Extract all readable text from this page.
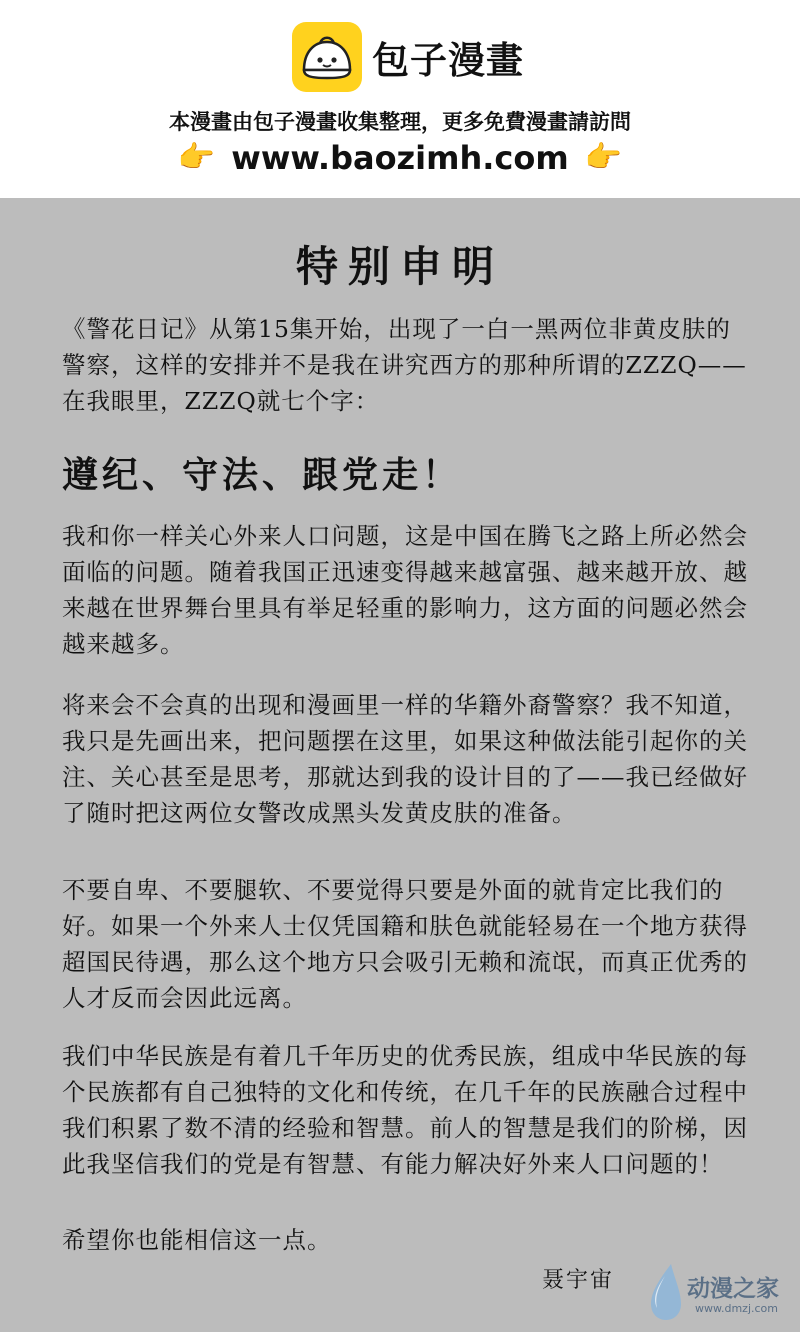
包子漫畫
本漫畫由包子漫畫收集整理，更多免費漫畫請訪問
👉 www.baozimh.com 👉
特别申明

《警花日记》从第15集开始，出现了一白一黑两位非黄皮肤的警察，这样的安排并不是我在讲究西方的那种所谓的ZZZQ——在我眼里，ZZZQ就七个字：

遵纪、守法、跟党走！

我和你一样关心外来人口问题，这是中国在腾飞之路上所必然会面临的问题。随着我国正迅速变得越来越富强、越来越开放、越来越在世界舞台里具有举足轻重的影响力，这方面的问题必然会越来越多。

将来会不会真的出现和漫画里一样的华籍外裔警察？我不知道，我只是先画出来，把问题摆在这里，如果这种做法能引起你的关注、关心甚至是思考，那就达到我的设计目的了——我已经做好了随时把这两位女警改成黑头发黄皮肤的准备。

不要自卑、不要腿软、不要觉得只要是外面的就肯定比我们的好。如果一个外来人士仅凭国籍和肤色就能轻易在一个地方获得超国民待遇，那么这个地方只会吸引无赖和流氓，而真正优秀的人才反而会因此远离。

我们中华民族是有着几千年历史的优秀民族，组成中华民族的每个民族都有自己独特的文化和传统，在几千年的民族融合过程中我们积累了数不清的经验和智慧。前人的智慧是我们的阶梯，因此我坚信我们的党是有智慧、有能力解决好外来人口问题的！

希望你也能相信这一点。

聂宇宙	动漫之家
www.dmzj.com
